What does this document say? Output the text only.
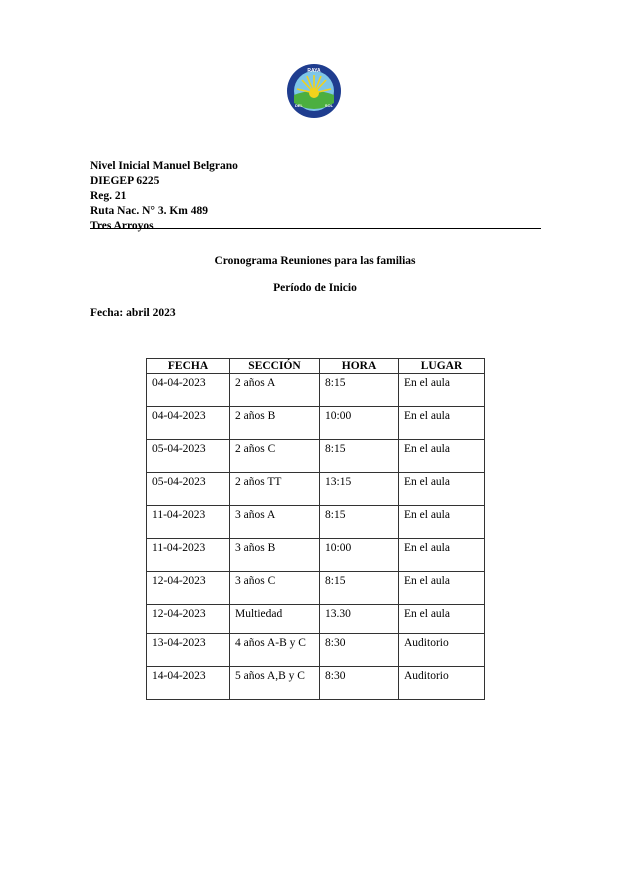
RAYA
DEL	SOL
Nivel Inicial Manuel Belgrano
DIEGEP 6225
Reg. 21
Ruta Nac. N° 3. Km 489
Tres Arroyos
Cronograma Reuniones para las familias
Período de Inicio
Fecha: abril 2023
FECHA	SECCIÓN	HORA	LUGAR
04-04-2023	2 años A	8:15	En el aula
04-04-2023	2 años B	10:00	En el aula
05-04-2023	2 años C	8:15	En el aula
05-04-2023	2 años TT	13:15	En el aula
11-04-2023	3 años A	8:15	En el aula
11-04-2023	3 años B	10:00	En el aula
12-04-2023	3 años C	8:15	En el aula
12-04-2023	Multiedad	13.30	En el aula
13-04-2023	4 años A-B y C	8:30	Auditorio
14-04-2023	5 años A,B y C	8:30	Auditorio
